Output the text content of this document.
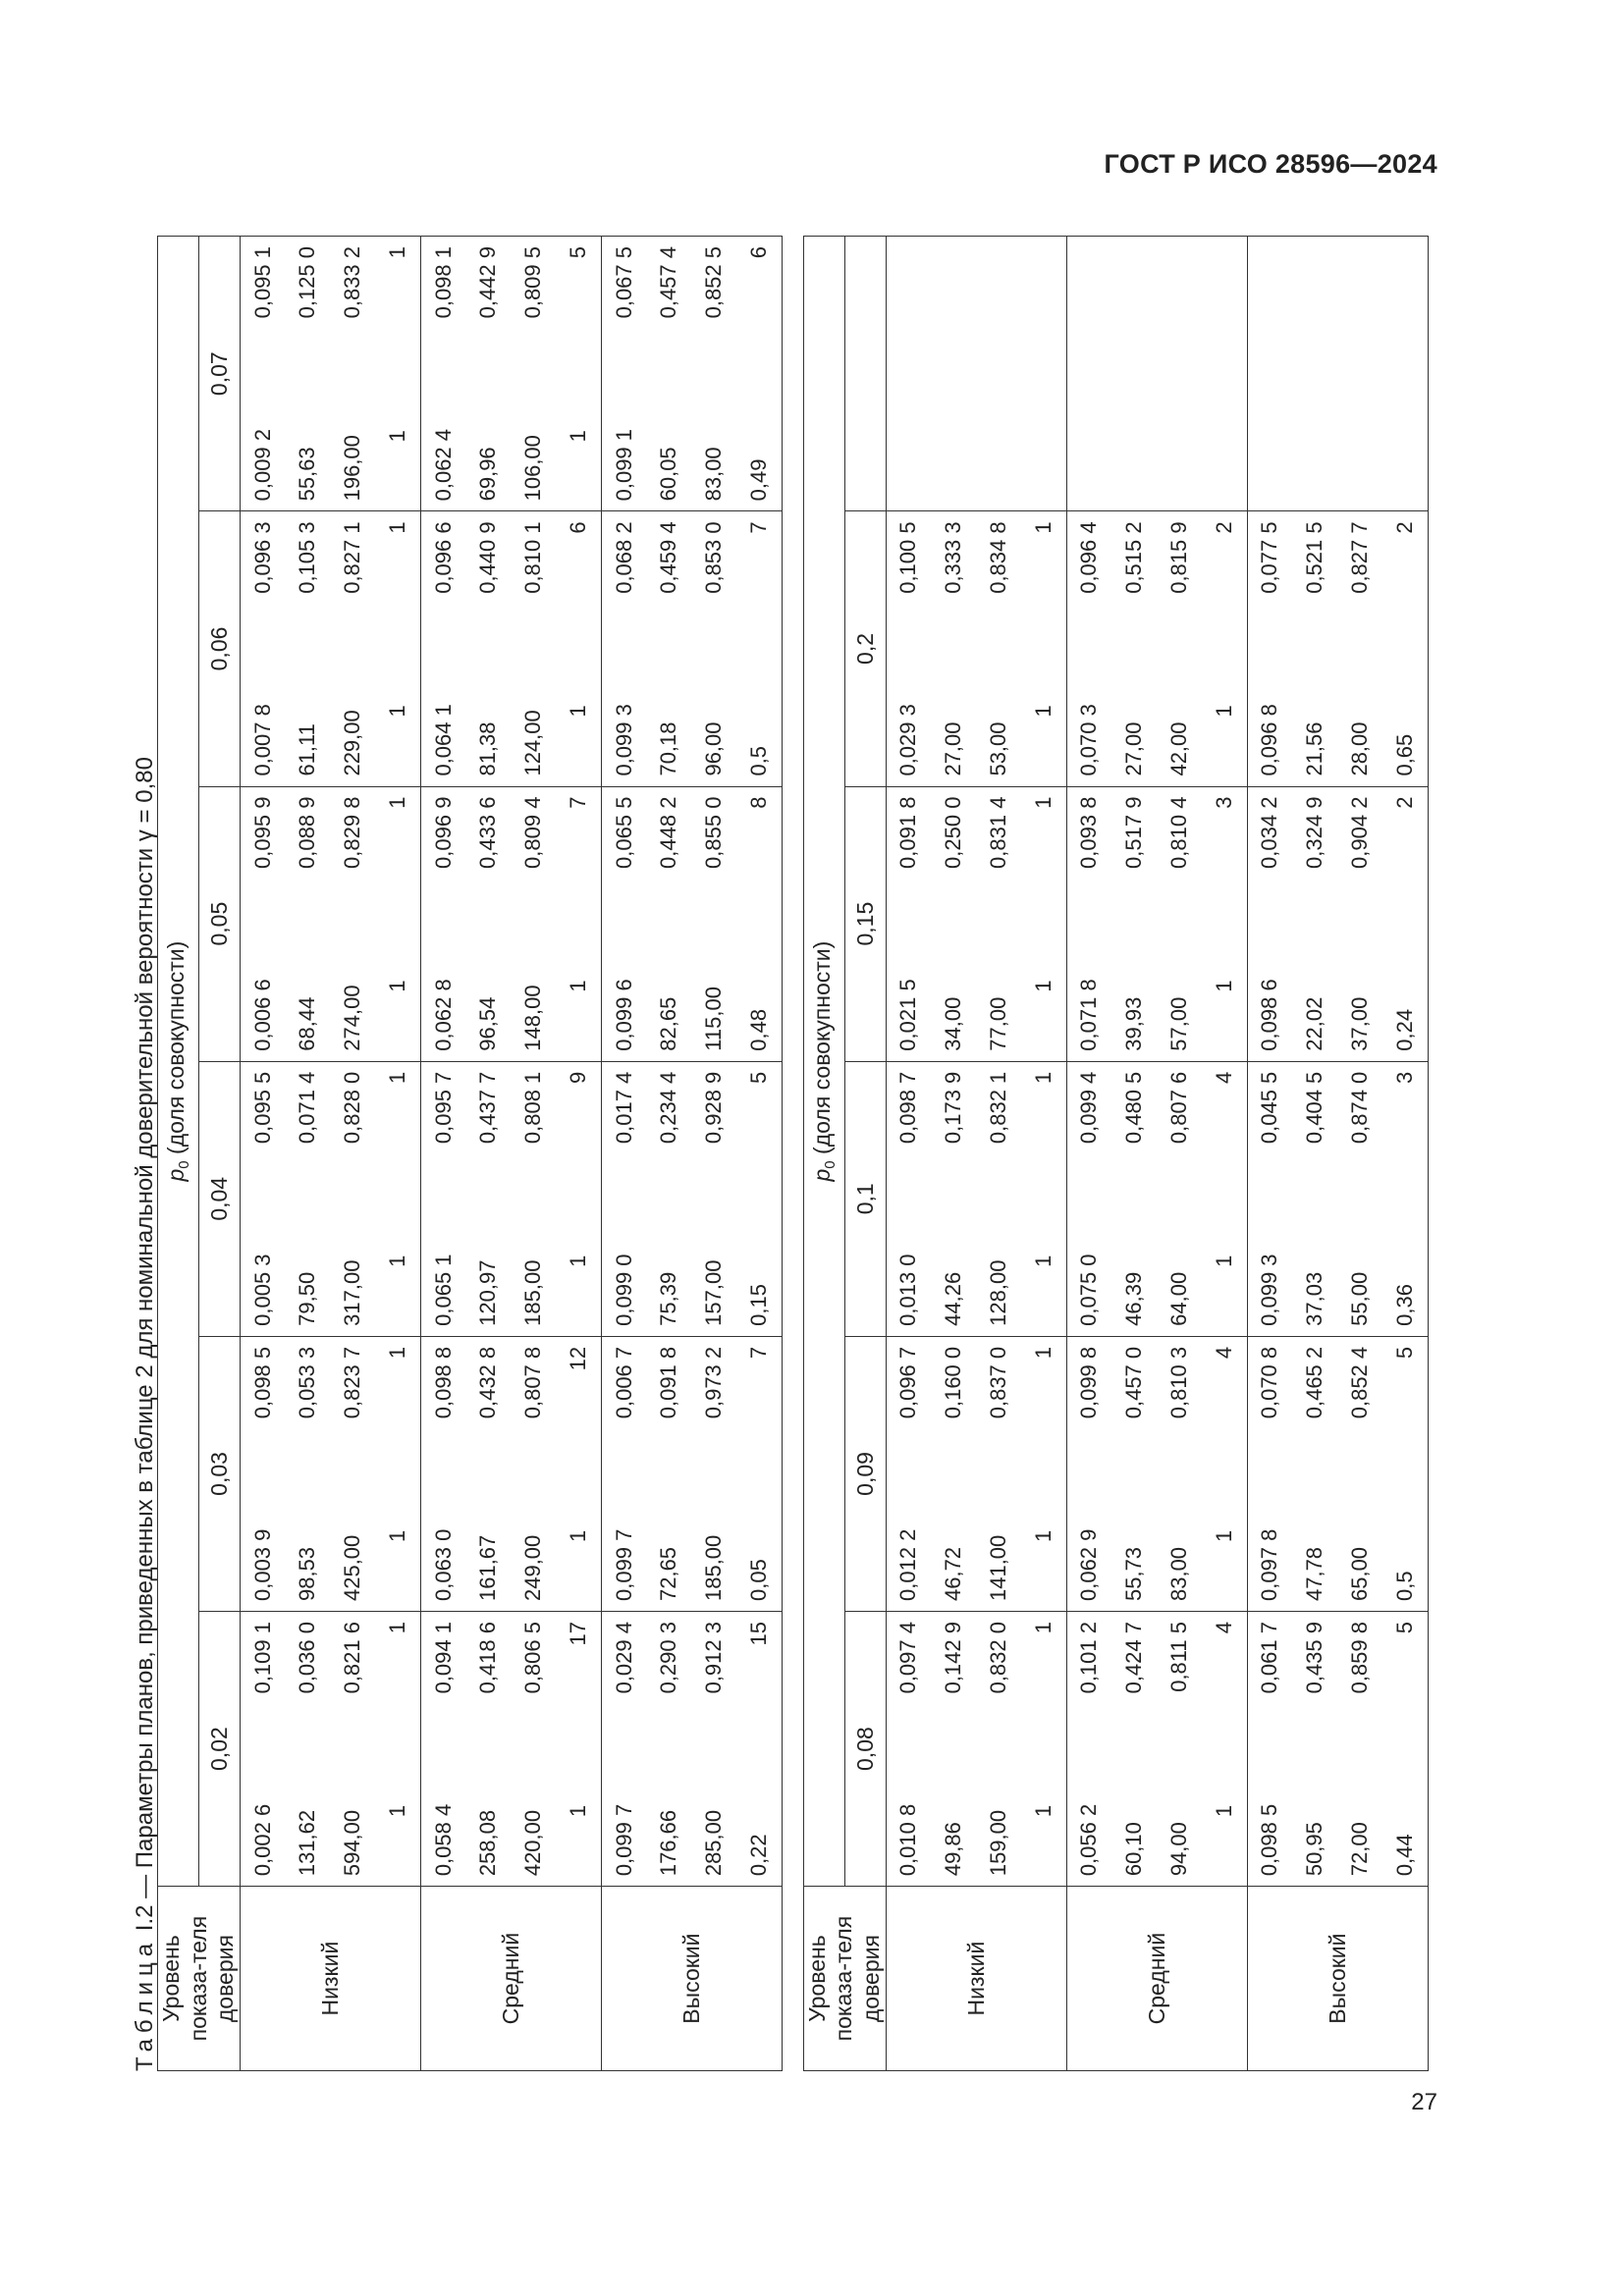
ГОСТ Р ИСО 28596—2024
Таблица I.2 — Параметры планов, приведенных в таблице 2 для номинальной доверительной вероятности γ = 0,80
Уровень показа-теля доверия	$p_0$ (доля совокупности)											
	0,02		0,03		0,04		0,05		0,06		0,07	
Низкий	0,002 6	0,109 1	0,003 9	0,098 5	0,005 3	0,095 5	0,006 6	0,095 9	0,007 8	0,096 3	0,009 2	0,095 1
	131,62	0,036 0	98,53	0,053 3	79,50	0,071 4	68,44	0,088 9	61,11	0,105 3	55,63	0,125 0
	594,00	0,821 6	425,00	0,823 7	317,00	0,828 0	274,00	0,829 8	229,00	0,827 1	196,00	0,833 2
	1	1	1	1	1	1	1	1	1	1	1	1
Средний	0,058 4	0,094 1	0,063 0	0,098 8	0,065 1	0,095 7	0,062 8	0,096 9	0,064 1	0,096 6	0,062 4	0,098 1
	258,08	0,418 6	161,67	0,432 8	120,97	0,437 7	96,54	0,433 6	81,38	0,440 9	69,96	0,442 9
	420,00	0,806 5	249,00	0,807 8	185,00	0,808 1	148,00	0,809 4	124,00	0,810 1	106,00	0,809 5
	1	17	1	12	1	9	1	7	1	6	1	5
Высокий	0,099 7	0,029 4	0,099 7	0,006 7	0,099 0	0,017 4	0,099 6	0,065 5	0,099 3	0,068 2	0,099 1	0,067 5
	176,66	0,290 3	72,65	0,091 8	75,39	0,234 4	82,65	0,448 2	70,18	0,459 4	60,05	0,457 4
	285,00	0,912 3	185,00	0,973 2	157,00	0,928 9	115,00	0,855 0	96,00	0,853 0	83,00	0,852 5
	0,22	15	0,05	7	0,15	5	0,48	8	0,5	7	0,49	6

Уровень показа-теля доверия	$p_0$ (доля совокупности)											
	0,08		0,09		0,1		0,15		0,2			
Низкий	0,010 8	0,097 4	0,012 2	0,096 7	0,013 0	0,098 7	0,021 5	0,091 8	0,029 3	0,100 5		
	49,86	0,142 9	46,72	0,160 0	44,26	0,173 9	34,00	0,250 0	27,00	0,333 3		
	159,00	0,832 0	141,00	0,837 0	128,00	0,832 1	77,00	0,831 4	53,00	0,834 8		
	1	1	1	1	1	1	1	1	1	1		
Средний	0,056 2	0,101 2	0,062 9	0,099 8	0,075 0	0,099 4	0,071 8	0,093 8	0,070 3	0,096 4		
	60,10	0,424 7	55,73	0,457 0	46,39	0,480 5	39,93	0,517 9	27,00	0,515 2		
	94,00	0,811 5	83,00	0,810 3	64,00	0,807 6	57,00	0,810 4	42,00	0,815 9		
	1	4	1	4	1	4	1	3	1	2		
Высокий	0,098 5	0,061 7	0,097 8	0,070 8	0,099 3	0,045 5	0,098 6	0,034 2	0,096 8	0,077 5		
	50,95	0,435 9	47,78	0,465 2	37,03	0,404 5	22,02	0,324 9	21,56	0,521 5		
	72,00	0,859 8	65,00	0,852 4	55,00	0,874 0	37,00	0,904 2	28,00	0,827 7		
	0,44	5	0,5	5	0,36	3	0,24	2	0,65	2		
27
